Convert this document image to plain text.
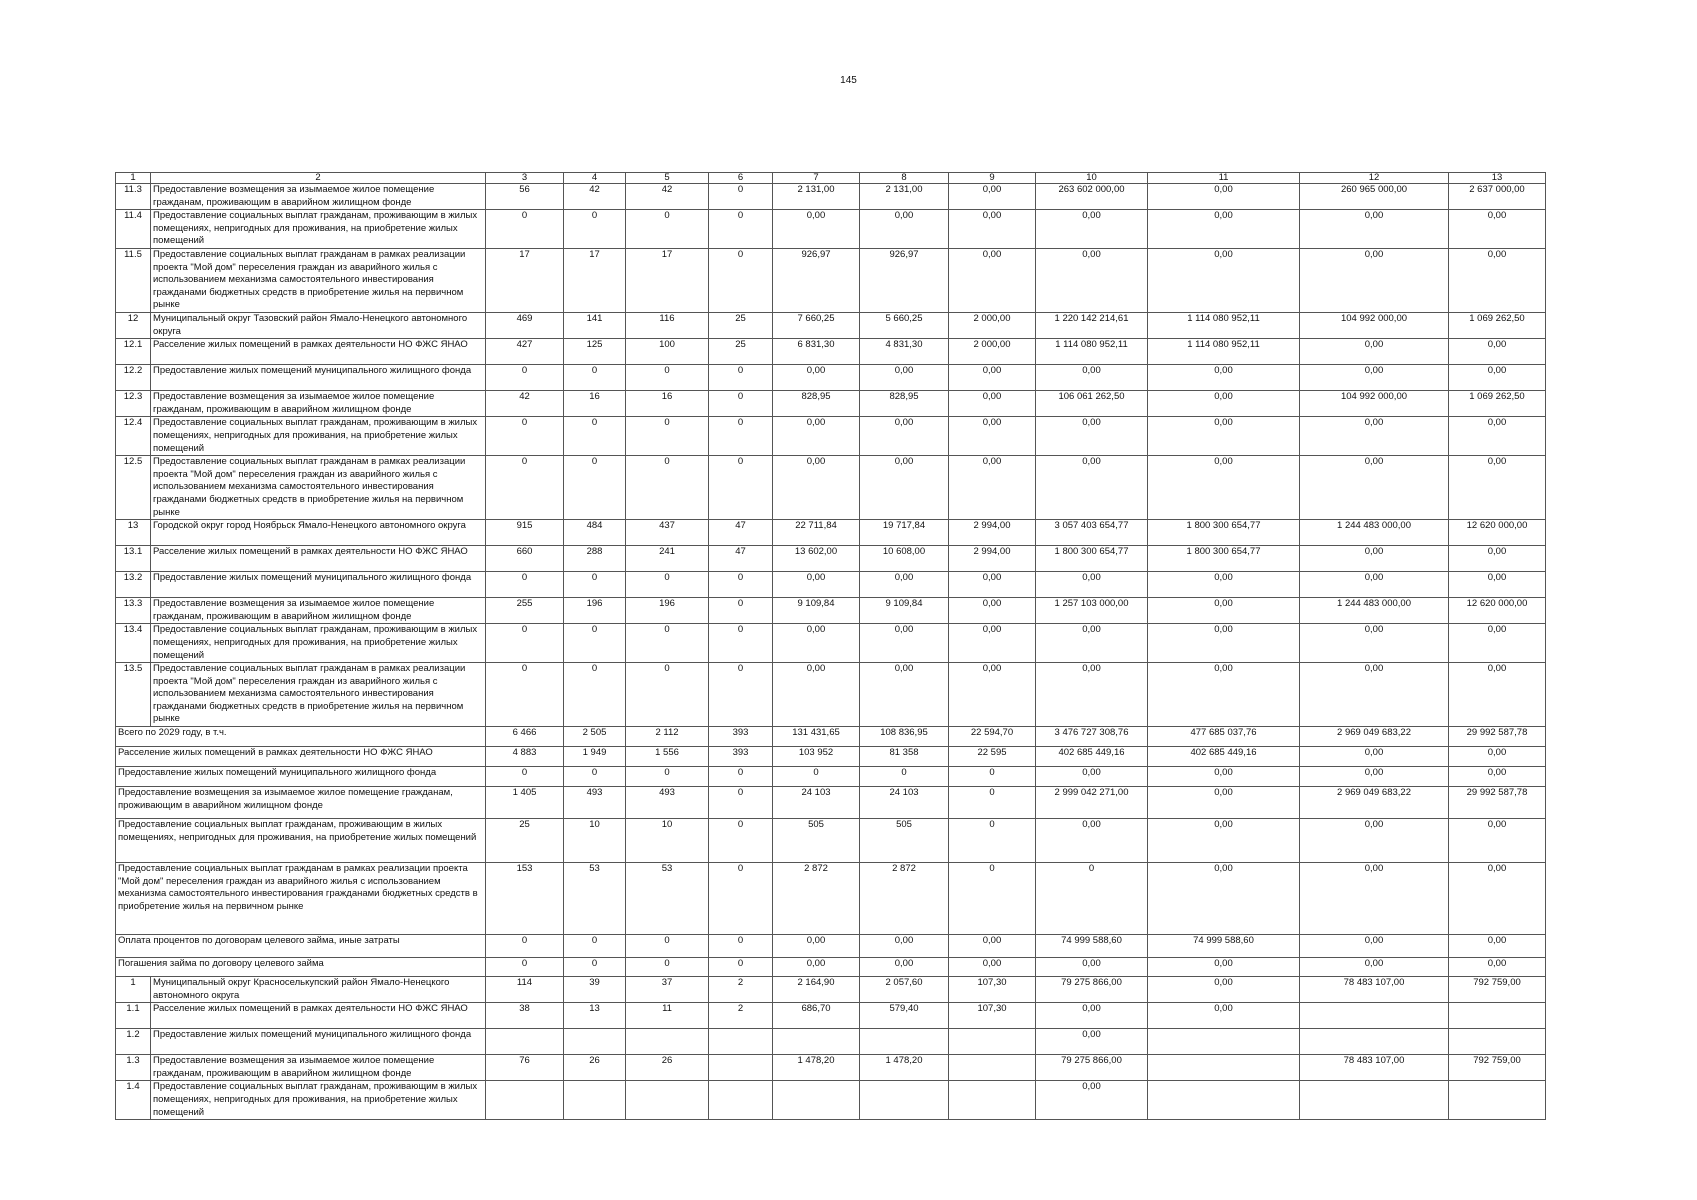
145
1	2	3	4	5	6	7	8	9	10	11	12	13
11.3	Предоставление возмещения за изымаемое жилое помещение гражданам, проживающим в аварийном жилищном фонде	56	42	42	0	2 131,00	2 131,00	0,00	263 602 000,00	0,00	260 965 000,00	2 637 000,00
11.4	Предоставление социальных выплат гражданам, проживающим в жилых помещениях, непригодных для проживания, на приобретение жилых помещений	0	0	0	0	0,00	0,00	0,00	0,00	0,00	0,00	0,00
11.5	Предоставление социальных выплат гражданам в рамках реализации проекта "Мой дом" переселения граждан из аварийного жилья с использованием механизма самостоятельного инвестирования гражданами бюджетных средств в приобретение жилья на первичном рынке	17	17	17	0	926,97	926,97	0,00	0,00	0,00	0,00	0,00
12	Муниципальный округ Тазовский район Ямало-Ненецкого автономного округа	469	141	116	25	7 660,25	5 660,25	2 000,00	1 220 142 214,61	1 114 080 952,11	104 992 000,00	1 069 262,50
12.1	Расселение жилых помещений в рамках деятельности НО ФЖС ЯНАО	427	125	100	25	6 831,30	4 831,30	2 000,00	1 114 080 952,11	1 114 080 952,11	0,00	0,00
12.2	Предоставление жилых помещений муниципального жилищного фонда	0	0	0	0	0,00	0,00	0,00	0,00	0,00	0,00	0,00
12.3	Предоставление возмещения за изымаемое жилое помещение гражданам, проживающим в аварийном жилищном фонде	42	16	16	0	828,95	828,95	0,00	106 061 262,50	0,00	104 992 000,00	1 069 262,50
12.4	Предоставление социальных выплат гражданам, проживающим в жилых помещениях, непригодных для проживания, на приобретение жилых помещений	0	0	0	0	0,00	0,00	0,00	0,00	0,00	0,00	0,00
12.5	Предоставление социальных выплат гражданам в рамках реализации проекта "Мой дом" переселения граждан из аварийного жилья с использованием механизма самостоятельного инвестирования гражданами бюджетных средств в приобретение жилья на первичном рынке	0	0	0	0	0,00	0,00	0,00	0,00	0,00	0,00	0,00
13	Городской округ город Ноябрьск Ямало-Ненецкого автономного округа	915	484	437	47	22 711,84	19 717,84	2 994,00	3 057 403 654,77	1 800 300 654,77	1 244 483 000,00	12 620 000,00
13.1	Расселение жилых помещений в рамках деятельности НО ФЖС ЯНАО	660	288	241	47	13 602,00	10 608,00	2 994,00	1 800 300 654,77	1 800 300 654,77	0,00	0,00
13.2	Предоставление жилых помещений муниципального жилищного фонда	0	0	0	0	0,00	0,00	0,00	0,00	0,00	0,00	0,00
13.3	Предоставление возмещения за изымаемое жилое помещение гражданам, проживающим в аварийном жилищном фонде	255	196	196	0	9 109,84	9 109,84	0,00	1 257 103 000,00	0,00	1 244 483 000,00	12 620 000,00
13.4	Предоставление социальных выплат гражданам, проживающим в жилых помещениях, непригодных для проживания, на приобретение жилых помещений	0	0	0	0	0,00	0,00	0,00	0,00	0,00	0,00	0,00
13.5	Предоставление социальных выплат гражданам в рамках реализации проекта "Мой дом" переселения граждан из аварийного жилья с использованием механизма самостоятельного инвестирования гражданами бюджетных средств в приобретение жилья на первичном рынке	0	0	0	0	0,00	0,00	0,00	0,00	0,00	0,00	0,00
Всего по 2029 году, в т.ч.		6 466	2 505	2 112	393	131 431,65	108 836,95	22 594,70	3 476 727 308,76	477 685 037,76	2 969 049 683,22	29 992 587,78
Расселение жилых помещений в рамках деятельности НО ФЖС ЯНАО		4 883	1 949	1 556	393	103 952	81 358	22 595	402 685 449,16	402 685 449,16	0,00	0,00
Предоставление жилых помещений муниципального жилищного фонда		0	0	0	0	0	0	0	0,00	0,00	0,00	0,00
Предоставление возмещения за изымаемое жилое помещение гражданам, проживающим в аварийном жилищном фонде		1 405	493	493	0	24 103	24 103	0	2 999 042 271,00	0,00	2 969 049 683,22	29 992 587,78
Предоставление социальных выплат гражданам, проживающим в жилых помещениях, непригодных для проживания, на приобретение жилых помещений		25	10	10	0	505	505	0	0,00	0,00	0,00	0,00
Предоставление социальных выплат гражданам в рамках реализации проекта "Мой дом" переселения граждан из аварийного жилья с использованием механизма самостоятельного инвестирования гражданами бюджетных средств в приобретение жилья на первичном рынке		153	53	53	0	2 872	2 872	0	0	0,00	0,00	0,00
Оплата процентов по договорам целевого займа, иные затраты		0	0	0	0	0,00	0,00	0,00	74 999 588,60	74 999 588,60	0,00	0,00
Погашения займа по договору целевого займа		0	0	0	0	0,00	0,00	0,00	0,00	0,00	0,00	0,00
1	Муниципальный округ Красноселькупский район Ямало-Ненецкого автономного округа	114	39	37	2	2 164,90	2 057,60	107,30	79 275 866,00	0,00	78 483 107,00	792 759,00
1.1	Расселение жилых помещений в рамках деятельности НО ФЖС ЯНАО	38	13	11	2	686,70	579,40	107,30	0,00	0,00		
1.2	Предоставление жилых помещений муниципального жилищного фонда								0,00			
1.3	Предоставление возмещения за изымаемое жилое помещение гражданам, проживающим в аварийном жилищном фонде	76	26	26		1 478,20	1 478,20		79 275 866,00		78 483 107,00	792 759,00
1.4	Предоставление социальных выплат гражданам, проживающим в жилых помещениях, непригодных для проживания, на приобретение жилых помещений								0,00			
